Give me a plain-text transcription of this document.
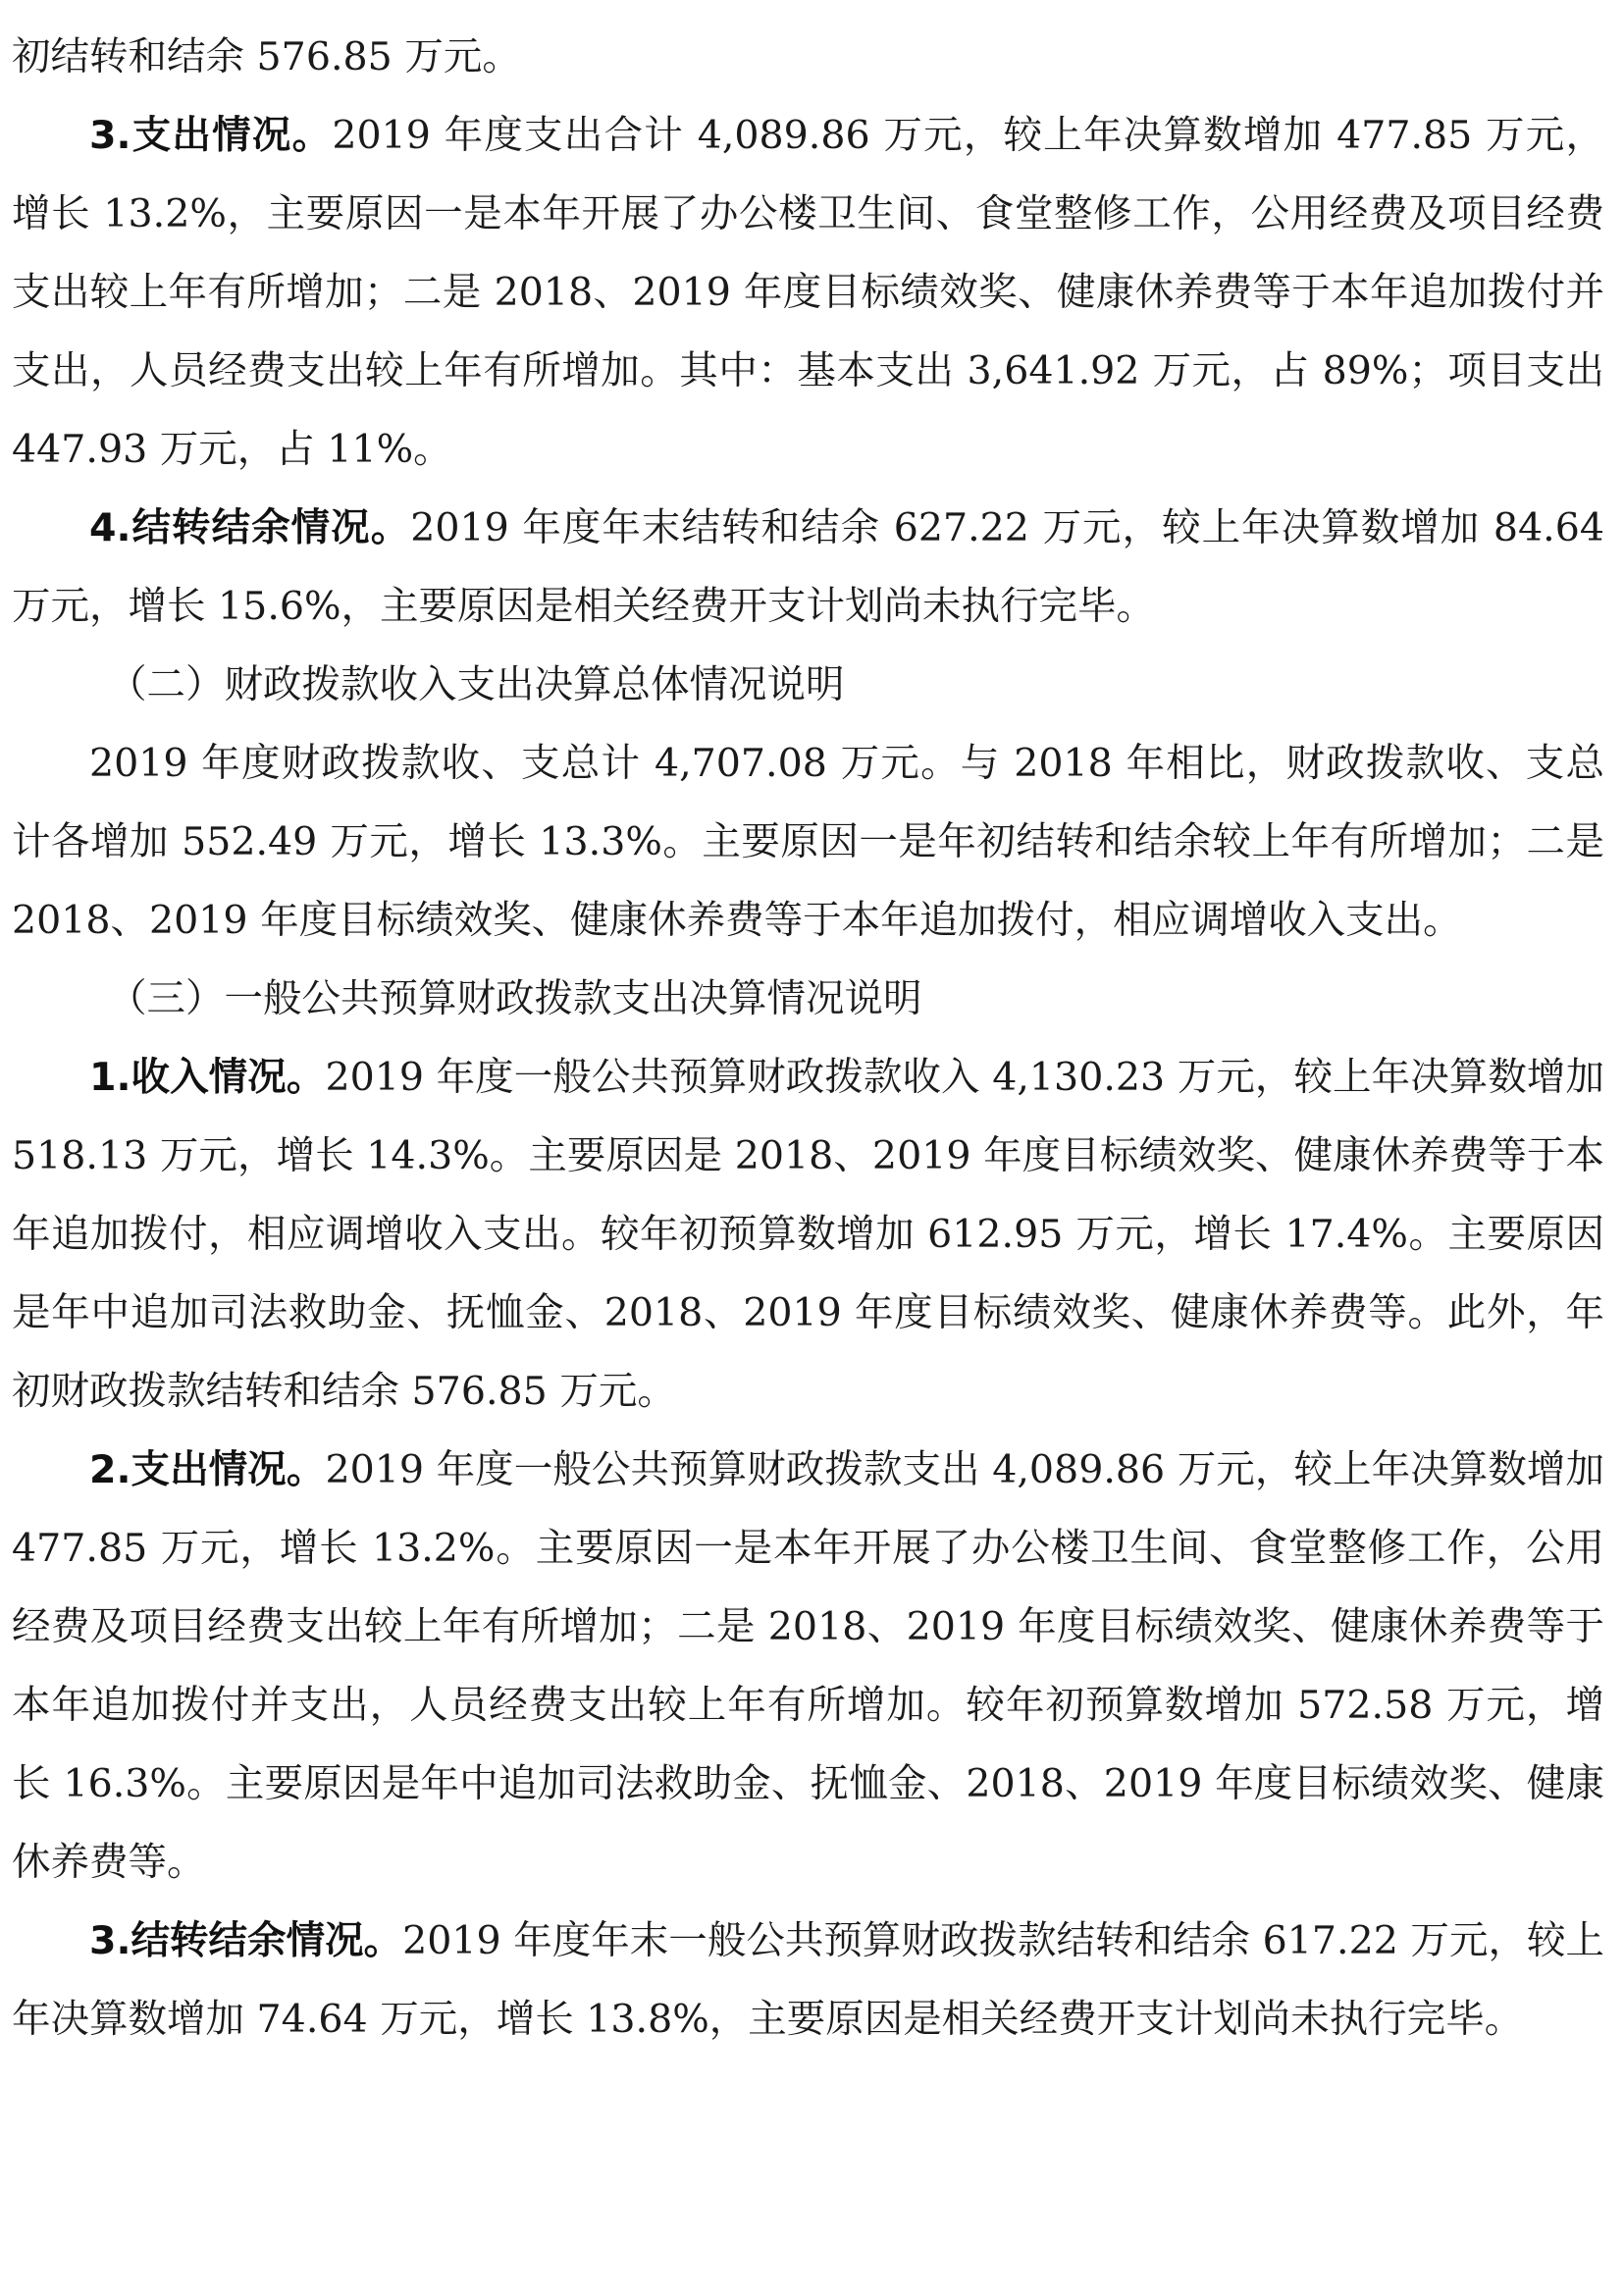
初结转和结余 576.85 万元。

3.支出情况。2019 年度支出合计 4,089.86 万元，较上年决算数增加 477.85 万元，增长 13.2%，主要原因一是本年开展了办公楼卫生间、食堂整修工作，公用经费及项目经费支出较上年有所增加；二是 2018、2019 年度目标绩效奖、健康休养费等于本年追加拨付并支出，人员经费支出较上年有所增加。其中：基本支出 3,641.92 万元，占 89%；项目支出 447.93 万元，占 11%。

4.结转结余情况。2019 年度年末结转和结余 627.22 万元，较上年决算数增加 84.64 万元，增长 15.6%，主要原因是相关经费开支计划尚未执行完毕。

（二）财政拨款收入支出决算总体情况说明

2019 年度财政拨款收、支总计 4,707.08 万元。与 2018 年相比，财政拨款收、支总计各增加 552.49 万元，增长 13.3%。主要原因一是年初结转和结余较上年有所增加；二是 2018、2019 年度目标绩效奖、健康休养费等于本年追加拨付，相应调增收入支出。

（三）一般公共预算财政拨款支出决算情况说明

1.收入情况。2019 年度一般公共预算财政拨款收入 4,130.23 万元，较上年决算数增加 518.13 万元，增长 14.3%。主要原因是 2018、2019 年度目标绩效奖、健康休养费等于本年追加拨付，相应调增收入支出。较年初预算数增加 612.95 万元，增长 17.4%。主要原因是年中追加司法救助金、抚恤金、2018、2019 年度目标绩效奖、健康休养费等。此外，年初财政拨款结转和结余 576.85 万元。

2.支出情况。2019 年度一般公共预算财政拨款支出 4,089.86 万元，较上年决算数增加 477.85 万元，增长 13.2%。主要原因一是本年开展了办公楼卫生间、食堂整修工作，公用经费及项目经费支出较上年有所增加；二是 2018、2019 年度目标绩效奖、健康休养费等于本年追加拨付并支出，人员经费支出较上年有所增加。较年初预算数增加 572.58 万元，增长 16.3%。主要原因是年中追加司法救助金、抚恤金、2018、2019 年度目标绩效奖、健康休养费等。

3.结转结余情况。2019 年度年末一般公共预算财政拨款结转和结余 617.22 万元，较上年决算数增加 74.64 万元，增长 13.8%，主要原因是相关经费开支计划尚未执行完毕。
